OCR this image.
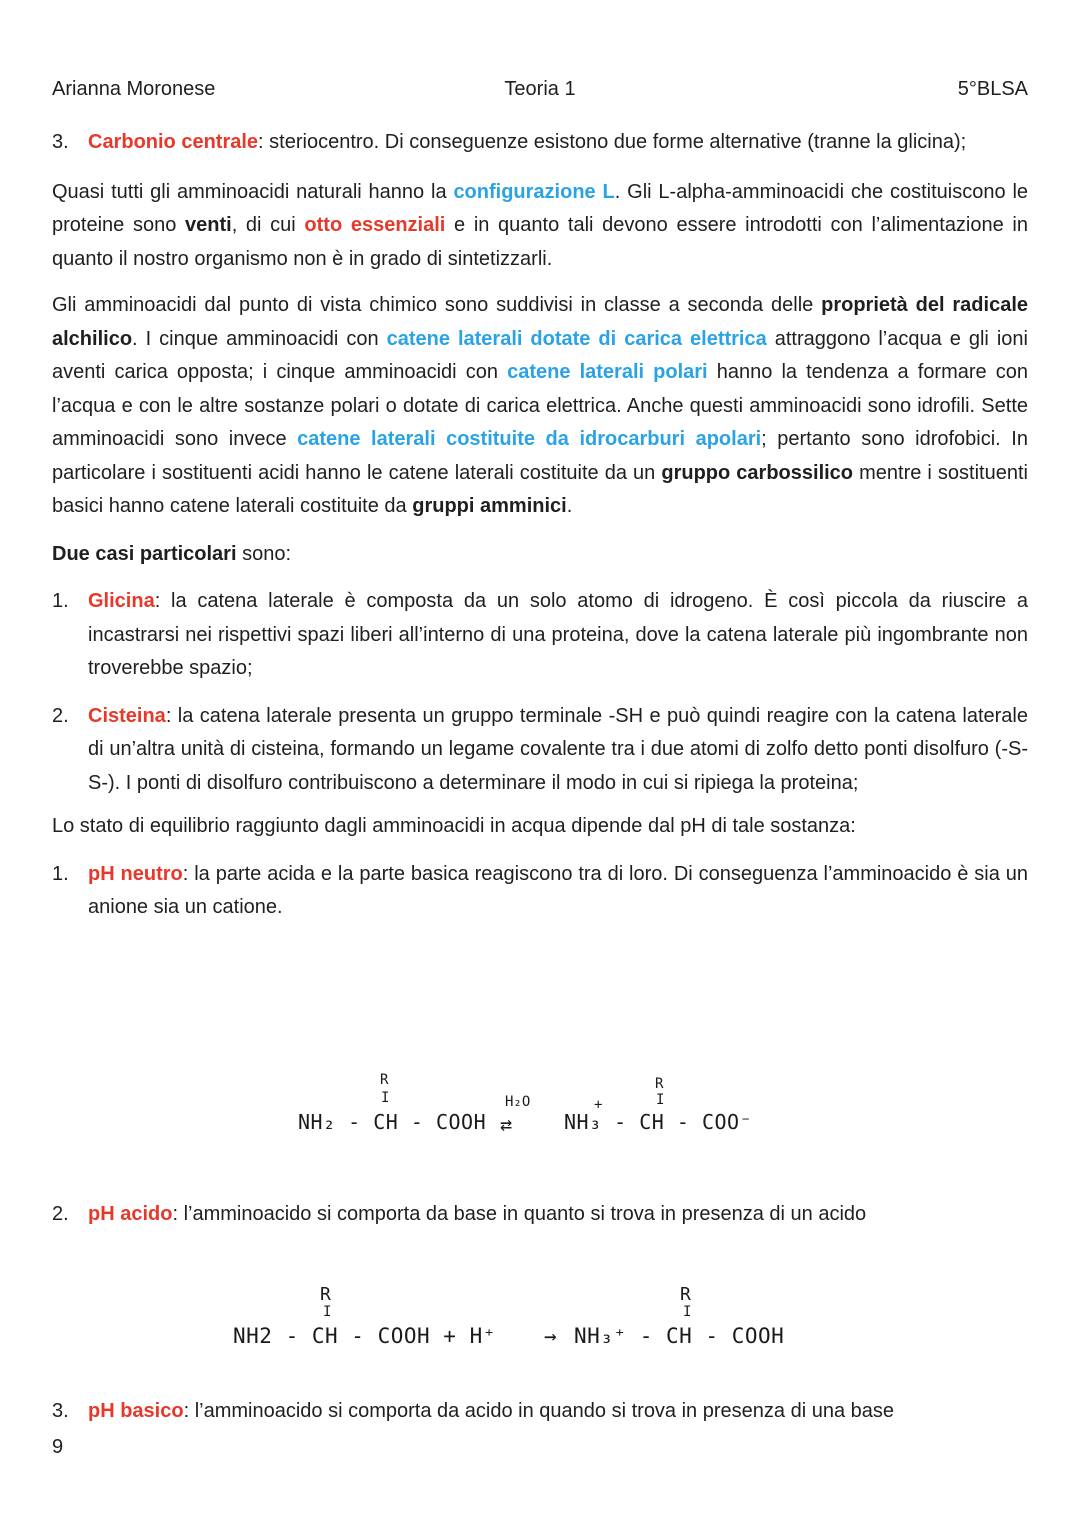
Arianna Moronese	Teoria 1	5°BLSA
3. Carbonio centrale: steriocentro. Di conseguenze esistono due forme alternative (tranne la glicina);

Quasi tutti gli amminoacidi naturali hanno la configurazione L. Gli L-alpha-amminoacidi che costituiscono le proteine sono venti, di cui otto essenziali e in quanto tali devono essere introdotti con l’alimentazione in quanto il nostro organismo non è in grado di sintetizzarli.

Gli amminoacidi dal punto di vista chimico sono suddivisi in classe a seconda delle proprietà del radicale alchilico. I cinque amminoacidi con catene laterali dotate di carica elettrica attraggono l’acqua e gli ioni aventi carica opposta; i cinque amminoacidi con catene laterali polari hanno la tendenza a formare con l’acqua e con le altre sostanze polari o dotate di carica elettrica. Anche questi amminoacidi sono idrofili. Sette amminoacidi sono invece catene laterali costituite da idrocarburi apolari; pertanto sono idrofobici. In particolare i sostituenti acidi hanno le catene laterali costituite da un gruppo carbossilico mentre i sostituenti basici hanno catene laterali costituite da gruppi amminici.

Due casi particolari sono:

1. Glicina: la catena laterale è composta da un solo atomo di idrogeno. È così piccola da riuscire a incastrarsi nei rispettivi spazi liberi all’interno di una proteina, dove la catena laterale più ingombrante non troverebbe spazio;
2. Cisteina: la catena laterale presenta un gruppo terminale -SH e può quindi reagire con la catena laterale di un’altra unità di cisteina, formando un legame covalente tra i due atomi di zolfo detto ponti disolfuro (-S-S-). I ponti di disolfuro contribuiscono a determinare il modo in cui si ripiega la proteina;

Lo stato di equilibrio raggiunto dagli amminoacidi in acqua dipende dal pH di tale sostanza:

1. pH neutro: la parte acida e la parte basica reagiscono tra di loro. Di conseguenza l’amminoacido è sia un anione sia un catione.
R
I
NH₂ - CH - COOH
H₂O
⇄
R
I
+
NH₃ - CH - COO⁻
2. pH acido: l’amminoacido si comporta da base in quanto si trova in presenza di un acido
R
I
NH2 - CH - COOH + H⁺ →
R
I
NH₃⁺ - CH - COOH
3. pH basico: l’amminoacido si comporta da acido in quando si trova in presenza di una base
9
